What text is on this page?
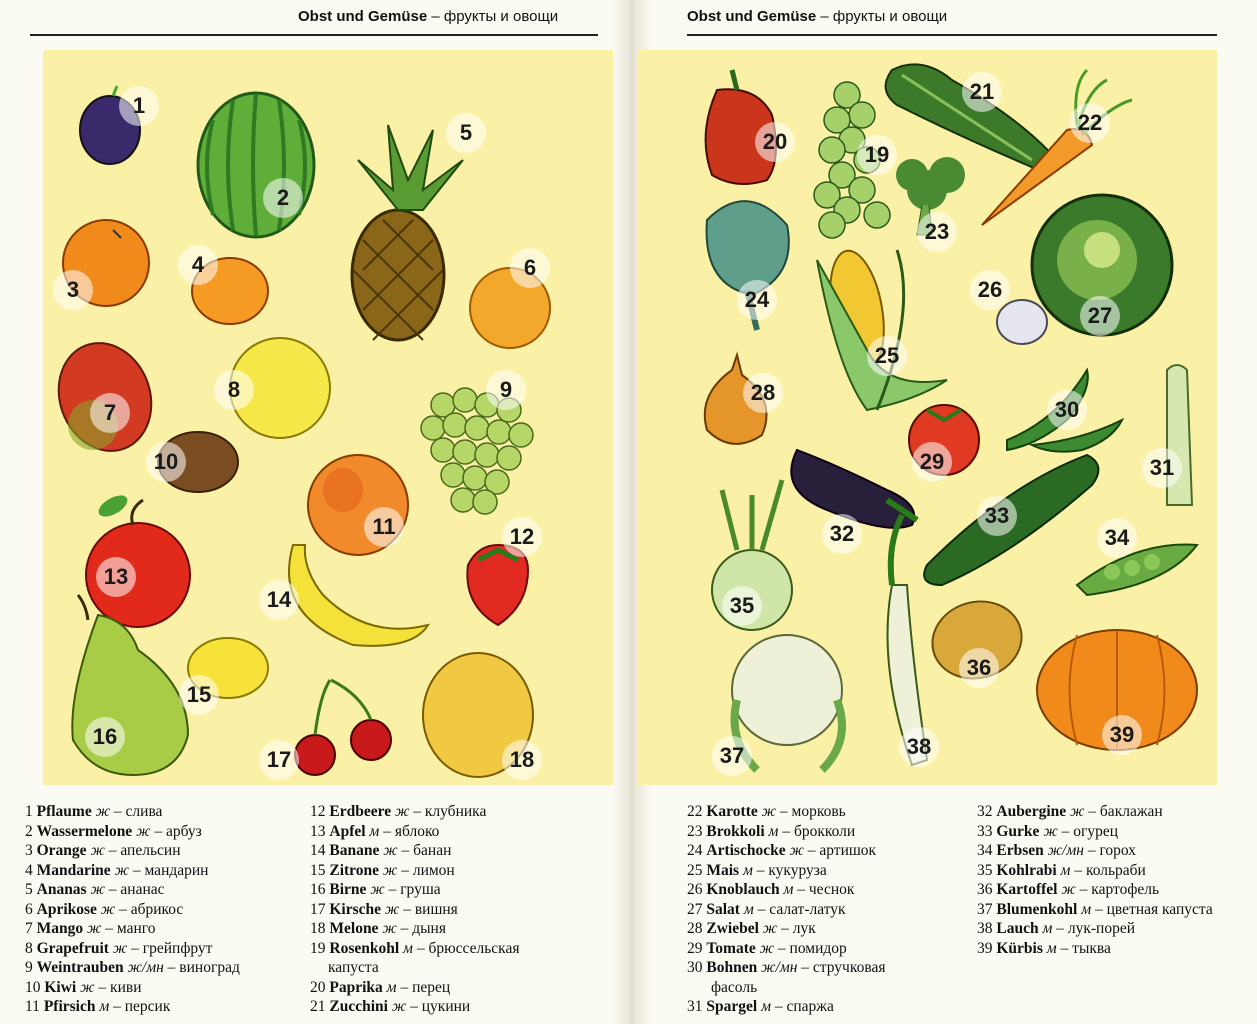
Obst und Gemüse – фрукты и овощи
1
2
3
4
5
6
7
8	9
10
11	12
13
14
15
16
17	18
1 Pflaume ж – слива
2 Wassermelone ж – арбуз
3 Orange ж – апельсин
4 Mandarine ж – мандарин
5 Ananas ж – ананас
6 Aprikose ж – абрикос
7 Mango ж – манго
8 Grapefruit ж – грейпфрут
9 Weintrauben ж/мн – виноград
10 Kiwi ж – киви
11 Pfirsich м – персик
12 Erdbeere ж – клубника
13 Apfel м – яблоко
14 Banane ж – банан
15 Zitrone ж – лимон
16 Birne ж – груша
17 Kirsche ж – вишня
18 Melone ж – дыня
19 Rosenkohl м – брюссельская
капуста
20 Paprika м – перец
21 Zucchini ж – цукини
Obst und Gemüse – фрукты и овощи
19
20
21
22
23
24
25
26
27
28
29
30
31
32
33
34
35
36
37	38	39
22 Karotte ж – морковь
23 Brokkoli м – брокколи
24 Artischocke ж – артишок
25 Mais м – кукуруза
26 Knoblauch м – чеснок
27 Salat м – салат-латук
28 Zwiebel ж – лук
29 Tomate ж – помидор
30 Bohnen ж/мн – стручковая
фасоль
31 Spargel м – спаржа
32 Aubergine ж – баклажан
33 Gurke ж – огурец
34 Erbsen ж/мн – горох
35 Kohlrabi м – кольраби
36 Kartoffel ж – картофель
37 Blumenkohl м – цветная капуста
38 Lauch м – лук-порей
39 Kürbis м – тыква
